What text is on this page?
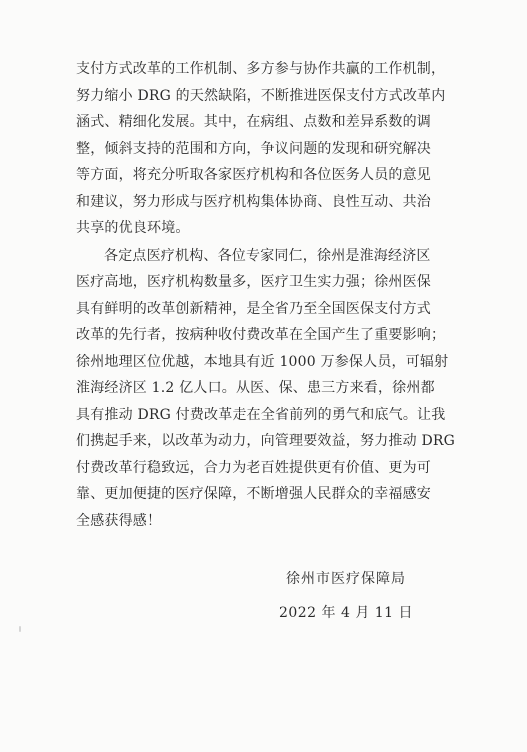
支付方式改革的工作机制、多方参与协作共赢的工作机制，
努力缩小 DRG 的天然缺陷，不断推进医保支付方式改革内
涵式、精细化发展。其中，在病组、点数和差异系数的调
整，倾斜支持的范围和方向，争议问题的发现和研究解决
等方面，将充分听取各家医疗机构和各位医务人员的意见
和建议，努力形成与医疗机构集体协商、良性互动、共治
共享的优良环境。

各定点医疗机构、各位专家同仁，徐州是淮海经济区
医疗高地，医疗机构数量多，医疗卫生实力强；徐州医保
具有鲜明的改革创新精神，是全省乃至全国医保支付方式
改革的先行者，按病种收付费改革在全国产生了重要影响；
徐州地理区位优越，本地具有近 1000 万参保人员，可辐射
淮海经济区 1.2 亿人口。从医、保、患三方来看，徐州都
具有推动 DRG 付费改革走在全省前列的勇气和底气。让我
们携起手来，以改革为动力，向管理要效益，努力推动 DRG
付费改革行稳致远，合力为老百姓提供更有价值、更为可
靠、更加便捷的医疗保障，不断增强人民群众的幸福感安
全感获得感！

徐州市医疗保障局
2022 年 4 月 11 日
